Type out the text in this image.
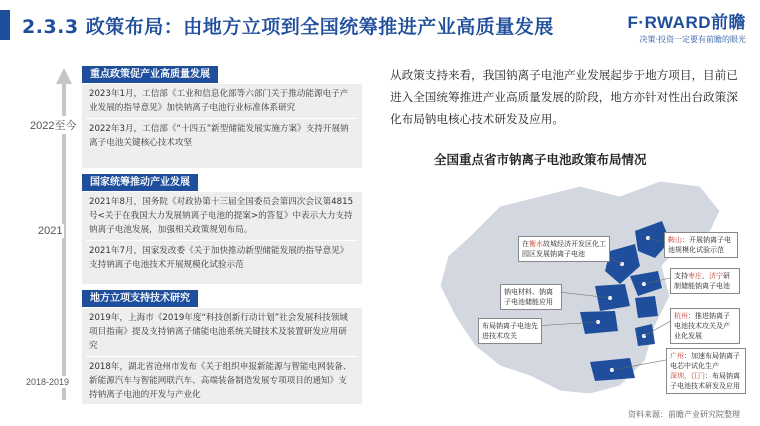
2.3.3 政策布局：由地方立项到全国统筹推进产业高质量发展	F·RWARD前瞻
决策·投资一定要有前瞻的眼光
2022至今
2021
2018-2019
重点政策促产业高质量发展
2023年1月，工信部《工业和信息化部等六部门关于推动能源电子产业发展的指导意见》加快钠离子电池行业标准体系研究
2022年3月，工信部《“十四五”新型储能发展实施方案》支持开展钠离子电池关键核心技术攻坚
国家统筹推动产业发展
2021年8月，国务院《对政协第十三届全国委员会第四次会议第4815号<关于在我国大力发展钠离子电池的提案>的答复》中表示大力支持钠离子电池发展，加强相关政策规划布局。
2021年7月，国家发改委《关于加快推动新型储能发展的指导意见》支持钠离子电池技术开展规模化试验示范
地方立项支持技术研究
2019年，上海市《2019年度“科技创新行动计划”社会发展科技领域项目指南》提及支持钠离子储能电池系统关键技术及装置研发应用研究
2018年，湖北省沧州市发布《关于组织申报新能源与智能电网装备、新能源汽车与智能网联汽车、高端装备制造发展专项项目的通知》支持钠离子电池的开发与产业化
从政策支持来看，我国钠离子电池产业发展起步于地方项目，目前已进入全国统筹推进产业高质量发展的阶段，地方亦针对性出台政策深化布局钠电核心技术研发及应用。
全国重点省市钠离子电池政策布局情况
在衡水故城经济开发区化工园区发展钠离子电池
鞍山：开展钠离子电池规模化试验示范
支持枣庄、济宁研制储能钠离子电池
钠电材料、钠离子电池储能应用
布局钠离子电池先进技术攻关
杭州：推进钠离子电池技术攻关及产业化发展
广州：加速布局钠离子电芯中试化生产
深圳、江门：布局钠离子电池技术研发及应用
资料来源：前瞻产业研究院整理
